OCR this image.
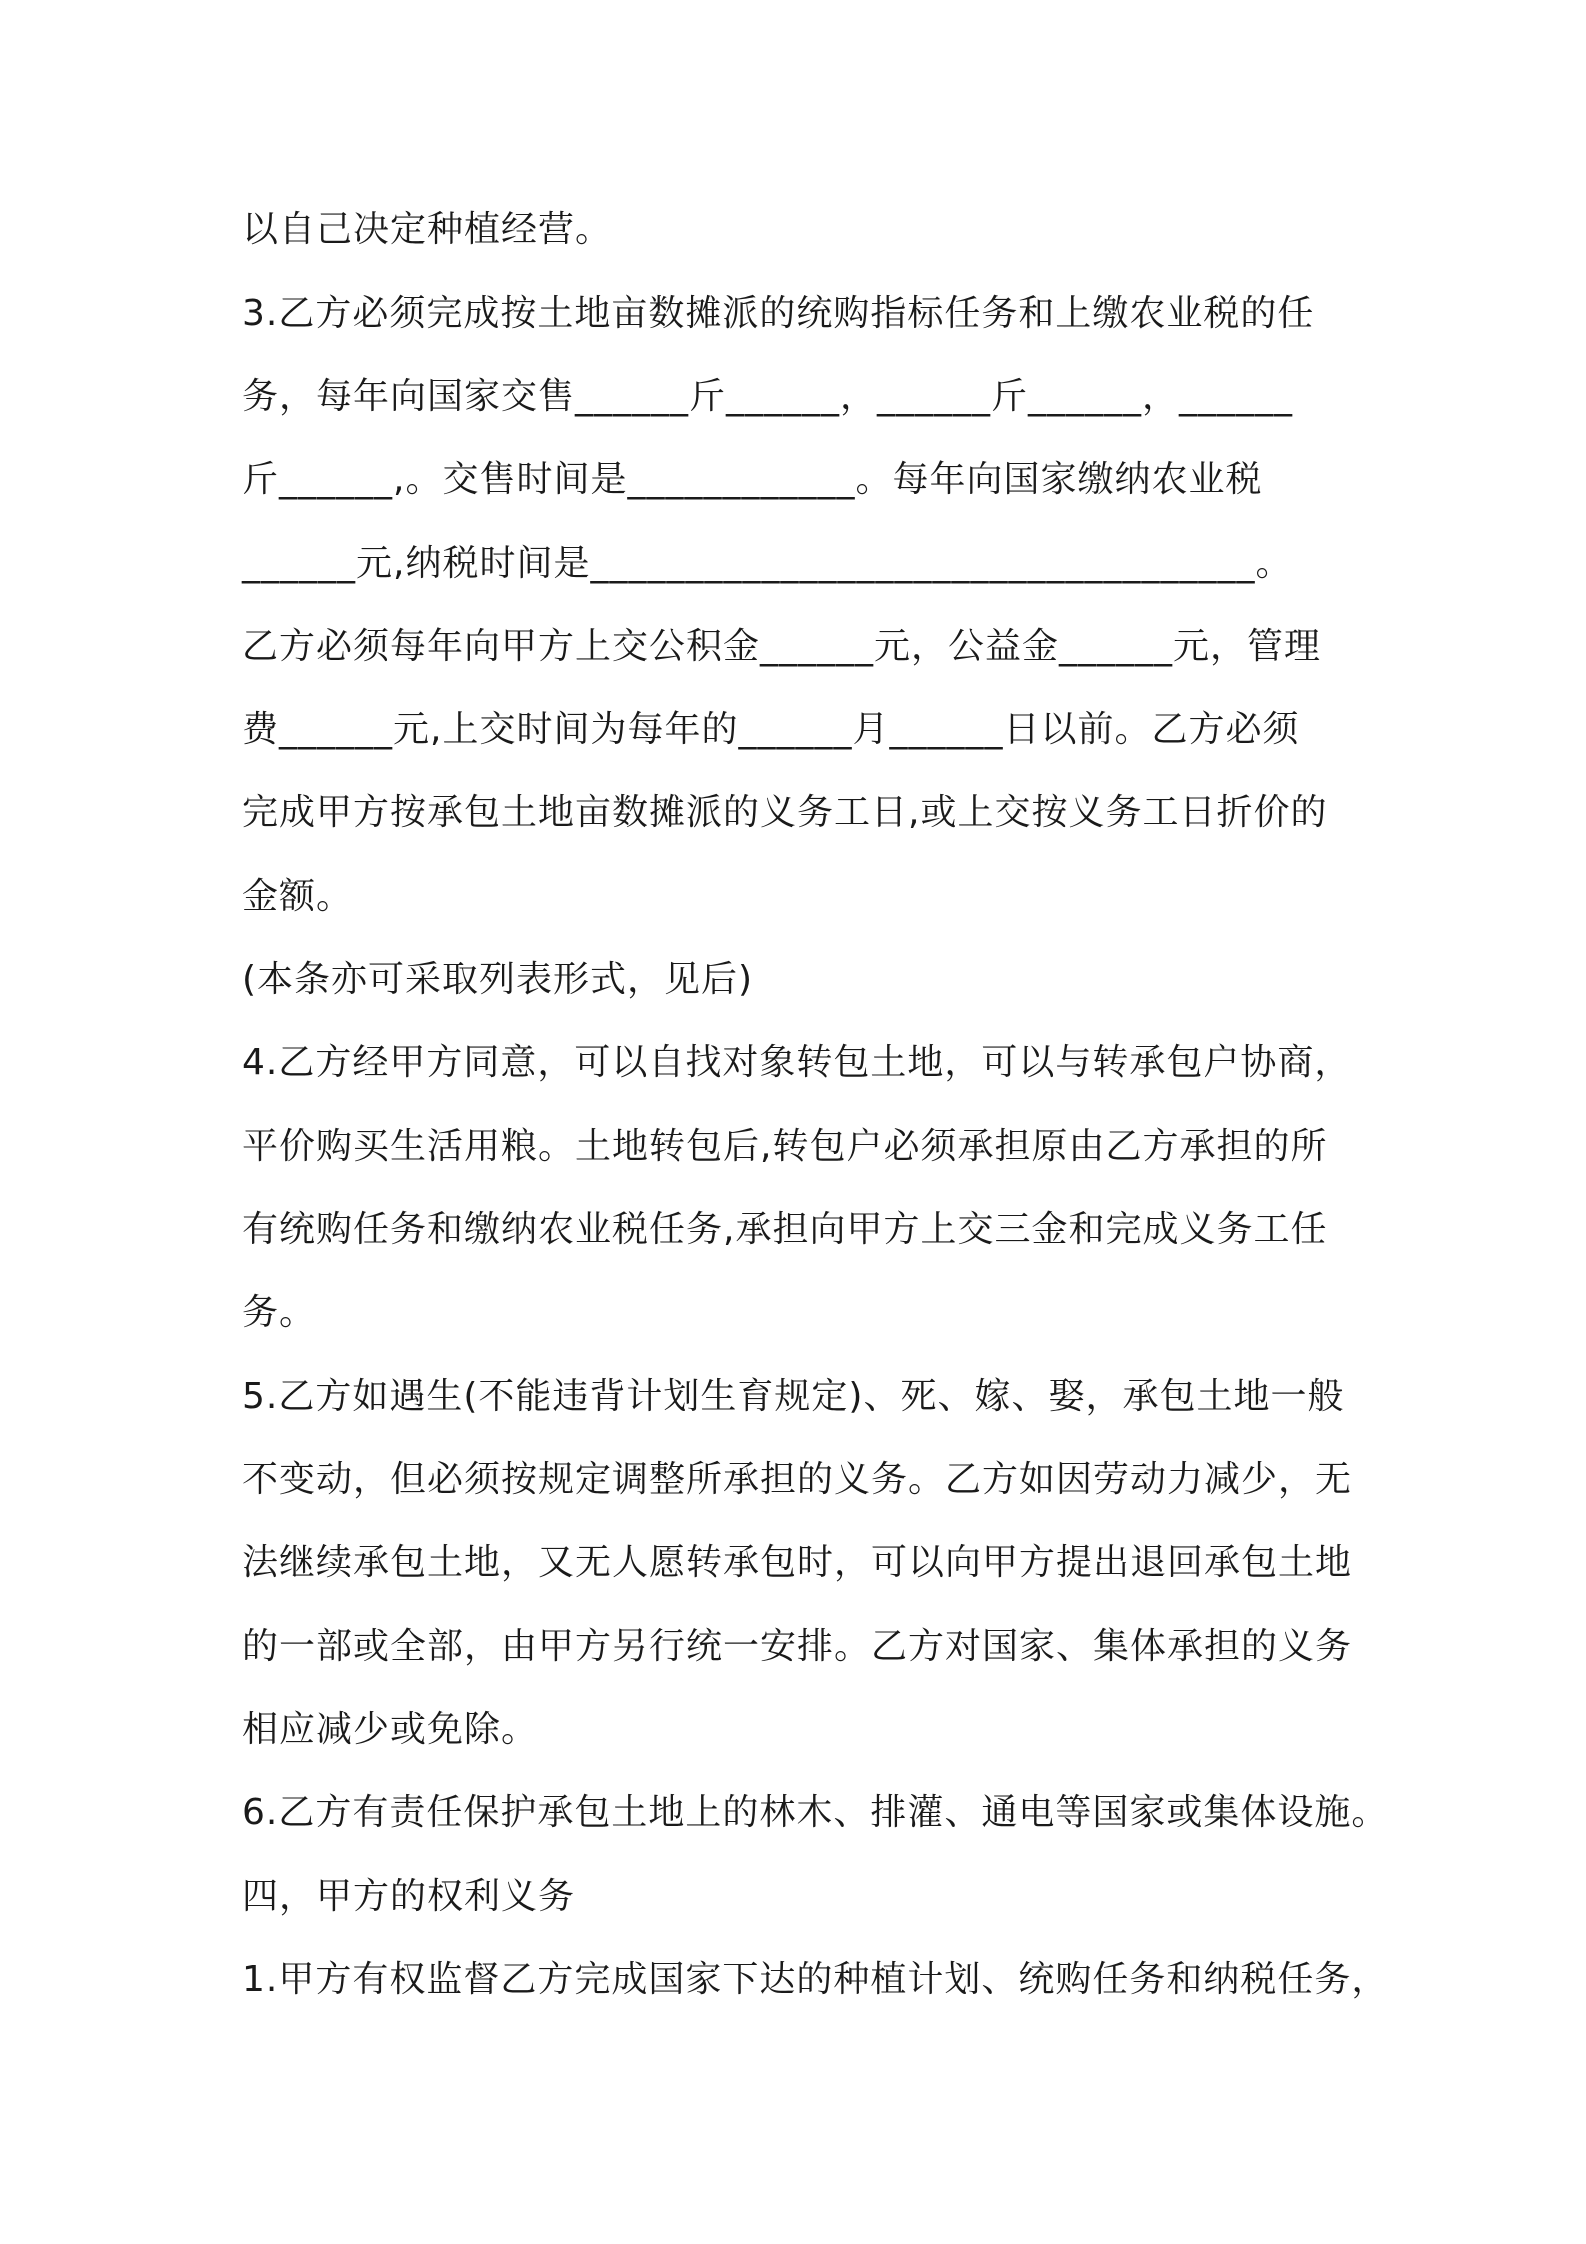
以自己决定种植经营。
3.乙方必须完成按土地亩数摊派的统购指标任务和上缴农业税的任
务，每年向国家交售______斤______，______斤______，______
斤______,。交售时间是____________。每年向国家缴纳农业税
______元,纳税时间是___________________________________。
乙方必须每年向甲方上交公积金______元，公益金______元，管理
费______元,上交时间为每年的______月______日以前。乙方必须
完成甲方按承包土地亩数摊派的义务工日,或上交按义务工日折价的
金额。
(本条亦可采取列表形式，见后)
4.乙方经甲方同意，可以自找对象转包土地，可以与转承包户协商，
平价购买生活用粮。土地转包后,转包户必须承担原由乙方承担的所
有统购任务和缴纳农业税任务,承担向甲方上交三金和完成义务工任
务。
5.乙方如遇生(不能违背计划生育规定)、死、嫁、娶，承包土地一般
不变动，但必须按规定调整所承担的义务。乙方如因劳动力减少，无
法继续承包土地，又无人愿转承包时，可以向甲方提出退回承包土地
的一部或全部，由甲方另行统一安排。乙方对国家、集体承担的义务
相应减少或免除。
6.乙方有责任保护承包土地上的林木、排灌、通电等国家或集体设施。
四，甲方的权利义务
1.甲方有权监督乙方完成国家下达的种植计划、统购任务和纳税任务，
